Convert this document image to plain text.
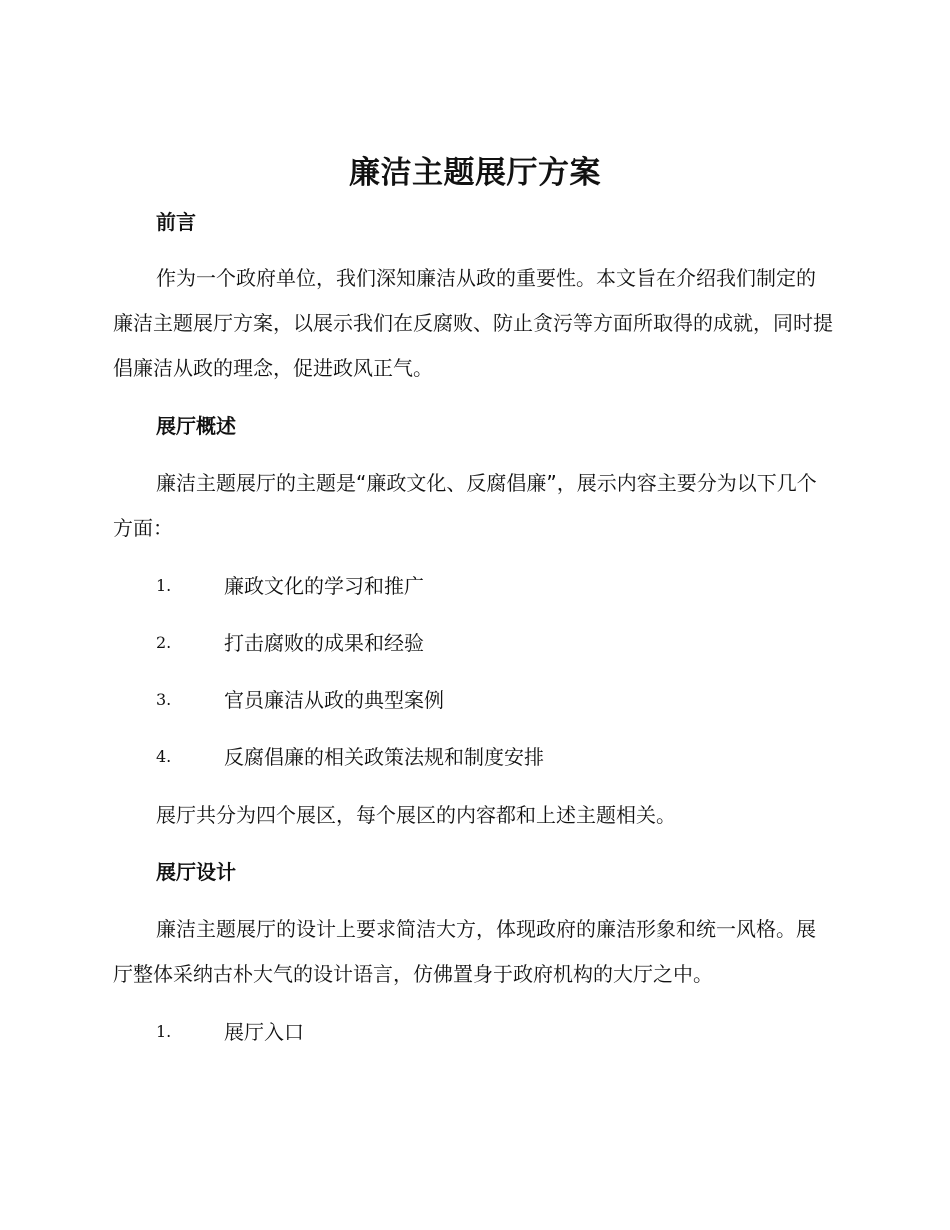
廉洁主题展厅方案
前言

作为一个政府单位，我们深知廉洁从政的重要性。本文旨在介绍我们制定的廉洁主题展厅方案，以展示我们在反腐败、防止贪污等方面所取得的成就，同时提倡廉洁从政的理念，促进政风正气。

展厅概述

廉洁主题展厅的主题是“廉政文化、反腐倡廉”，展示内容主要分为以下几个方面：

1.	廉政文化的学习和推广
2.	打击腐败的成果和经验
3.	官员廉洁从政的典型案例
4.	反腐倡廉的相关政策法规和制度安排
展厅共分为四个展区，每个展区的内容都和上述主题相关。
展厅设计

廉洁主题展厅的设计上要求简洁大方，体现政府的廉洁形象和统一风格。展厅整体采纳古朴大气的设计语言，仿佛置身于政府机构的大厅之中。

1.	展厅入口
